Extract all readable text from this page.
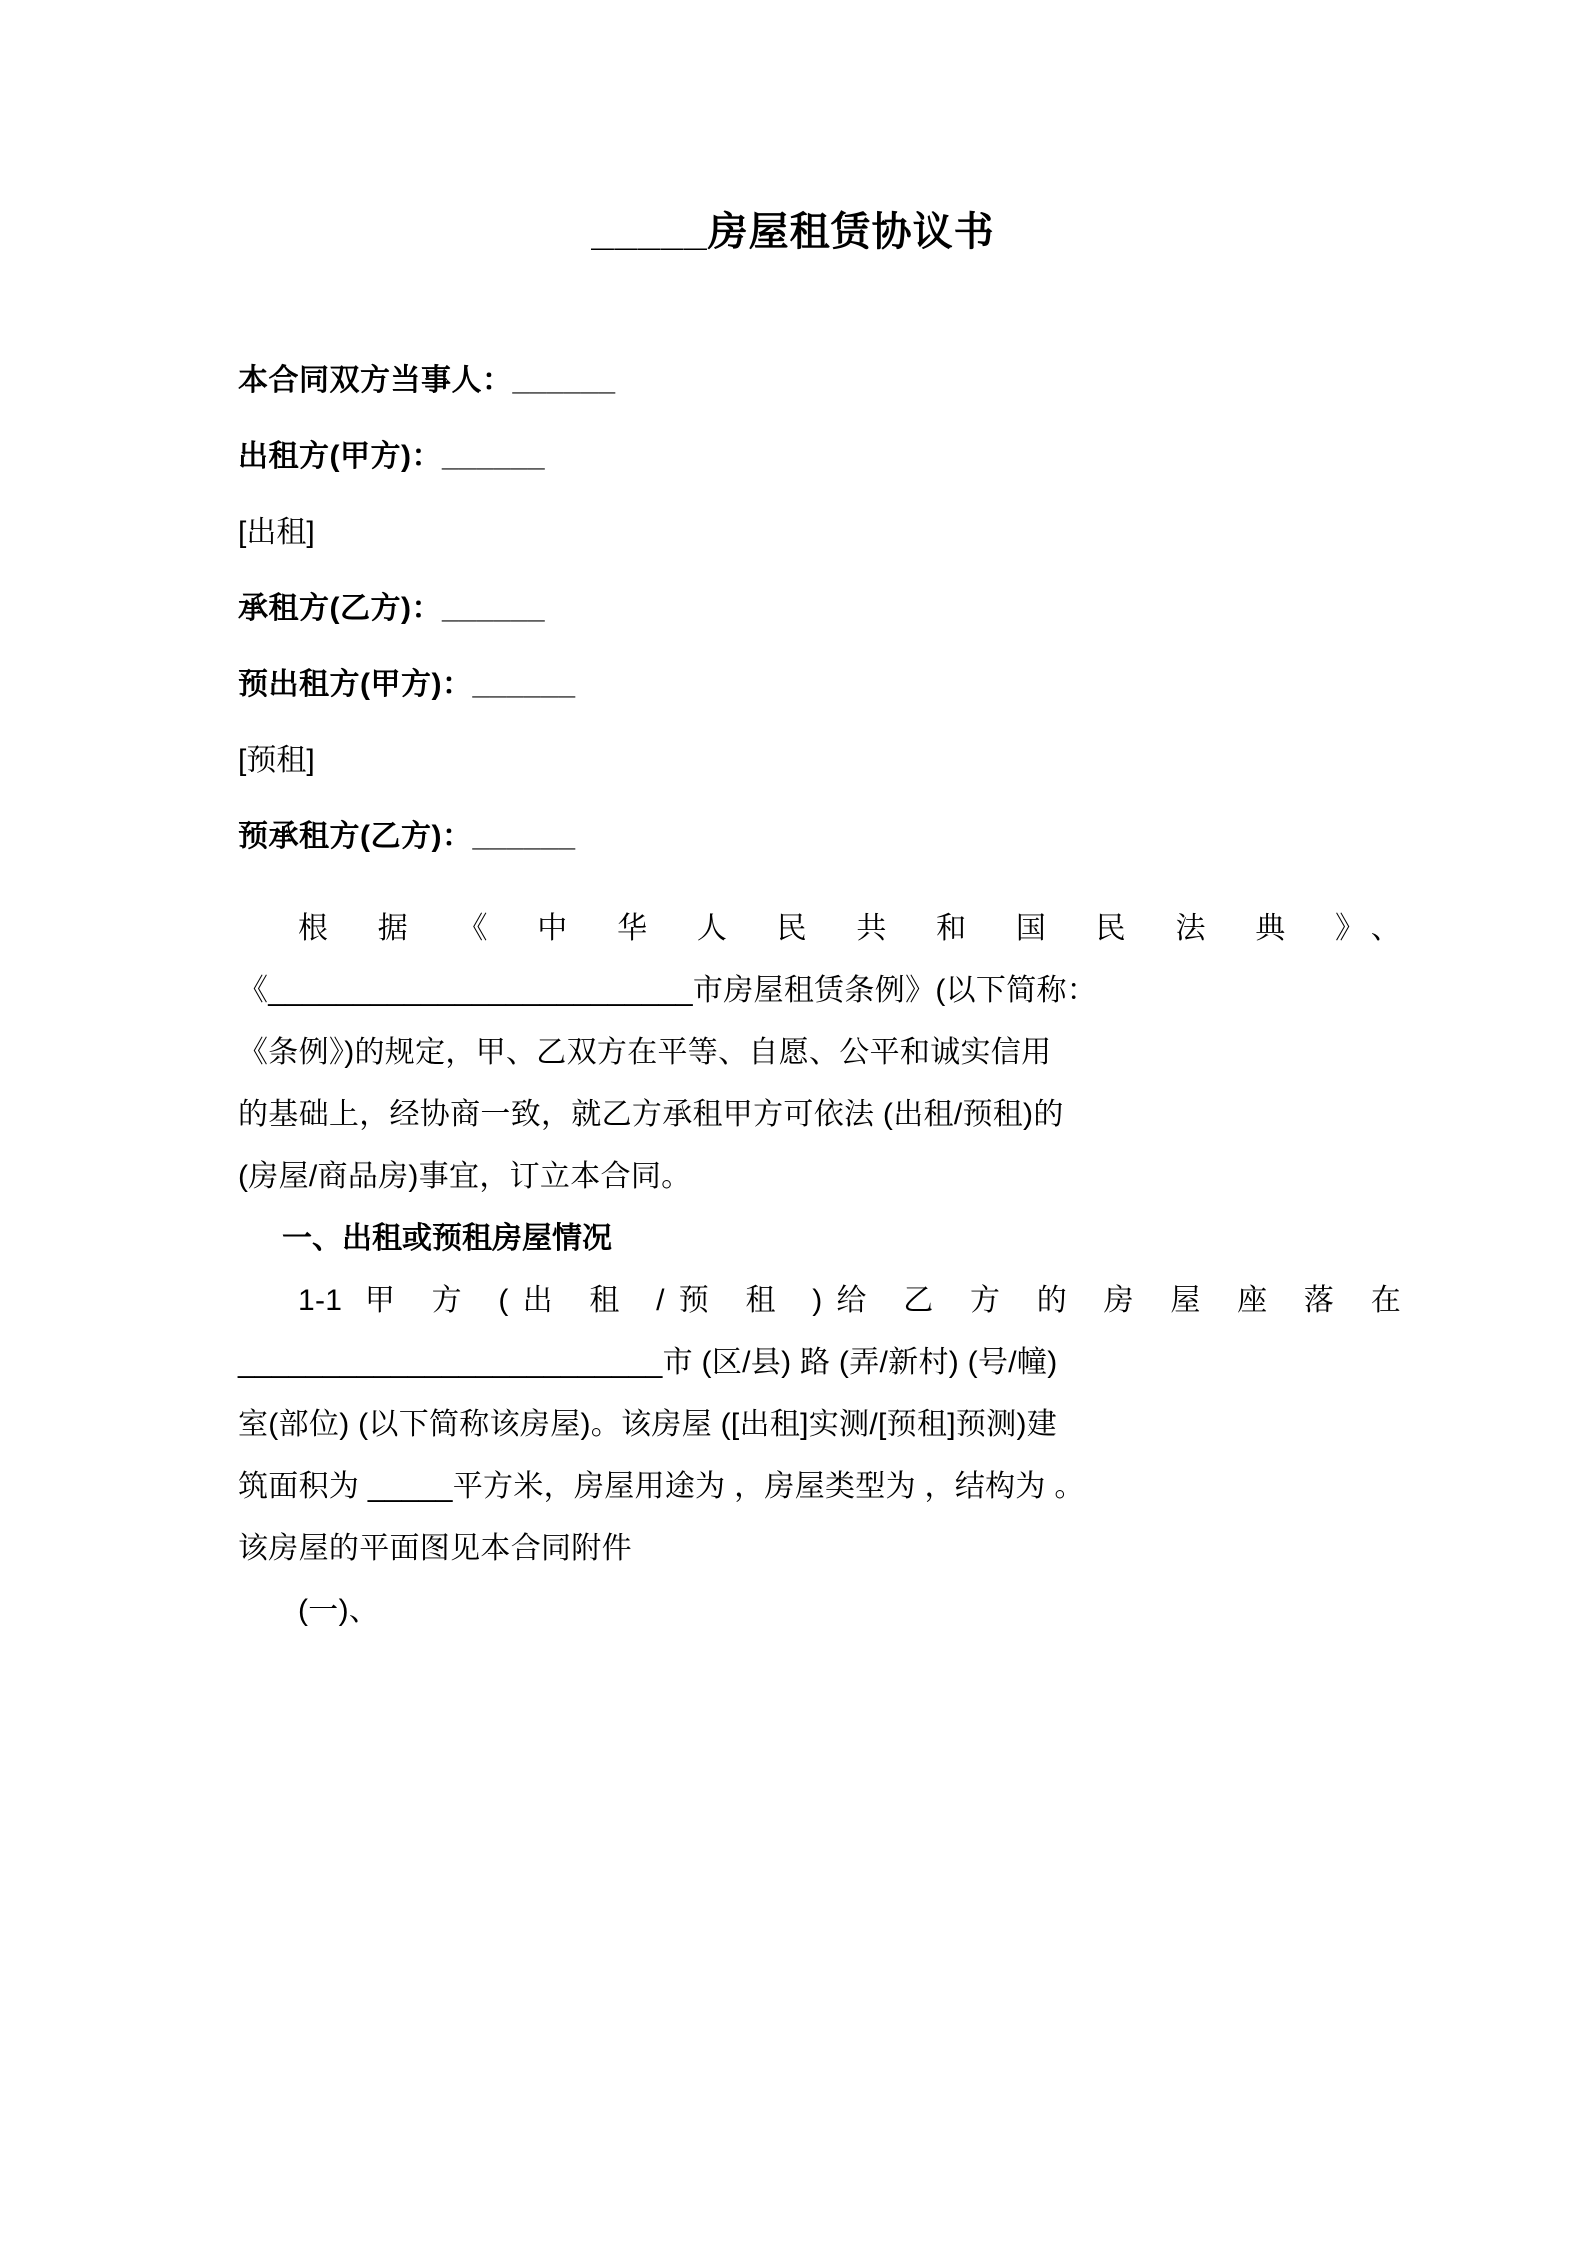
_____房屋租赁协议书

本合同双方当事人：______

出租方(甲方)：______

[出租]

承租方(乙方)：______

预出租方(甲方)：______

[预租]

预承租方(乙方)：______

根 据 《 中 华 人 民 共 和 国 民 法 典 》、

《_________________________市房屋租赁条例》(以下简称：

《条例》)的规定，甲、乙双方在平等、自愿、公平和诚实信用

的基础上，经协商一致，就乙方承租甲方可依法 (出租/预租)的

(房屋/商品房)事宜，订立本合同。

一、出租或预租房屋情况

1-1 甲 方 (出 租 /预 租 )给 乙 方 的 房 屋 座 落 在

_________________________市 (区/县) 路 (弄/新村) (号/幢)

室(部位) (以下简称该房屋)。该房屋 ([出租]实测/[预租]预测)建

筑面积为 _____平方米，房屋用途为 ，房屋类型为 ，结构为 。

该房屋的平面图见本合同附件

(一)、
